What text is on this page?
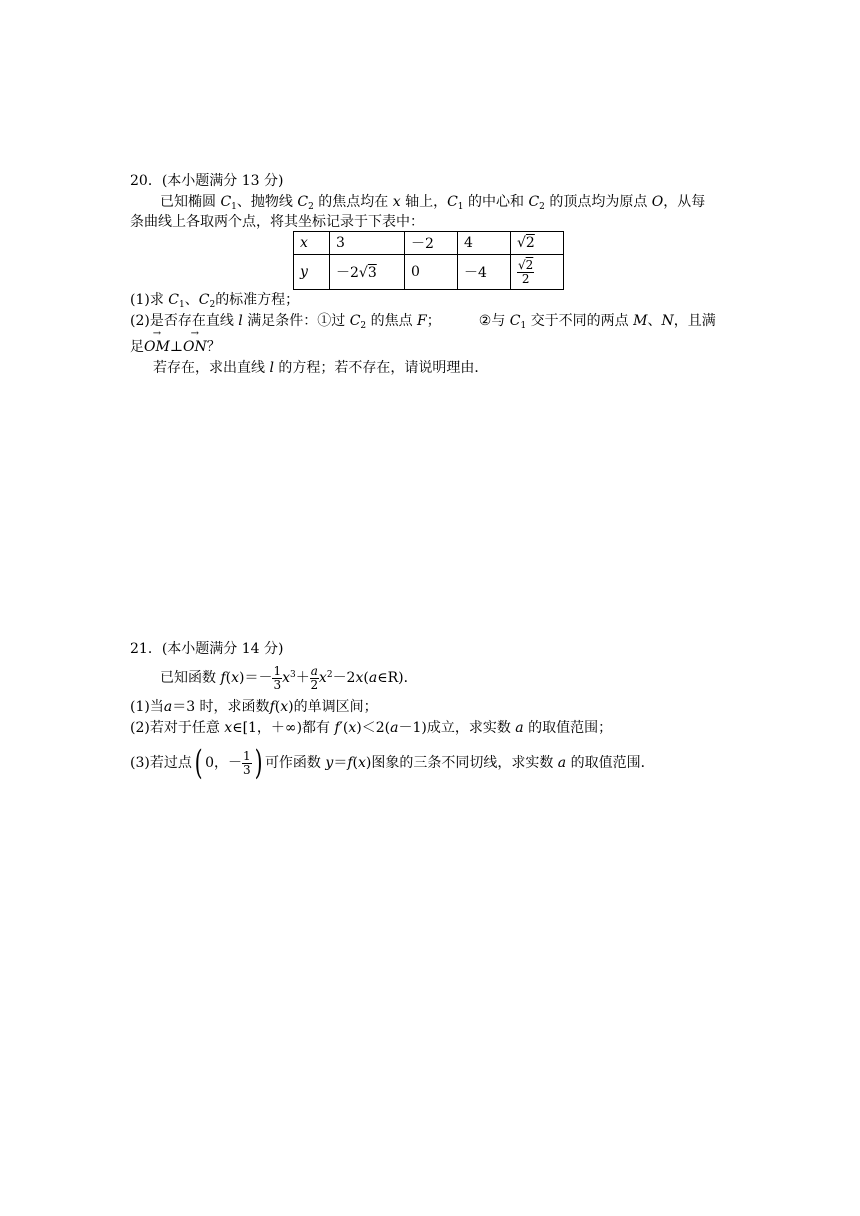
20．(本小题满分 13 分)
已知椭圆 $C_1$、抛物线 $C_2$ 的焦点均在 x 轴上，$C_1$ 的中心和 $C_2$ 的顶点均为原点 O，从每
条曲线上各取两个点，将其坐标记录于下表中：
x	3	－2	4	√2
y	－2√3	0	－4	$\frac{√2}{2}$
(1)求 $C_1$、$C_2$的标准方程；
(2)是否存在直线 l 满足条件：①过 $C_2$ 的焦点 F；	②与 $C_1$ 交于不同的两点 M、N，且满
足
→
OM⊥
→
ON？
若存在，求出直线 l 的方程；若不存在，请说明理由．
21．(本小题满分 14 分)
已知函数 $f(x)=- \frac{1}{3} x^3+ \frac{a}{2}$ $x^2-2x(a\in R)$．
(1)当a＝3 时，求函数f(x)的单调区间；
(2)若对于任意 x∈[1，＋∞)都有 f′(x)＜2(a－1)成立，求实数 a 的取值范围；
(3)若过点( 0，－ $\frac{1}{3}$ ) 可作函数 y＝f(x)图象的三条不同切线，求实数 a 的取值范围．
